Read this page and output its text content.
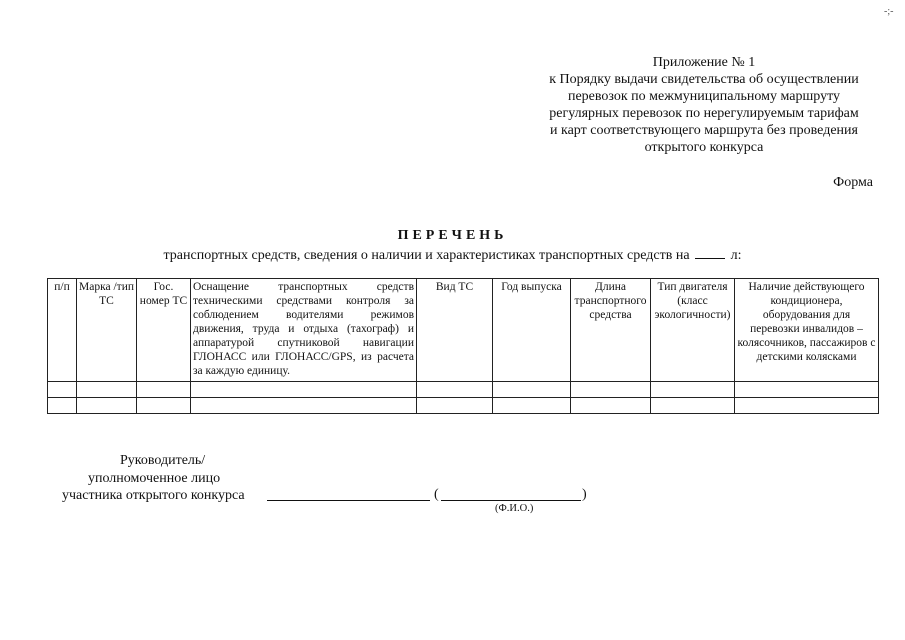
-;-
Приложение № 1
к Порядку выдачи свидетельства об осуществлении
перевозок по межмуниципальному маршруту
регулярных перевозок по нерегулируемым тарифам
и карт соответствующего маршрута без проведения
открытого конкурса
Форма
ПЕРЕЧЕНЬ
транспортных средств, сведения о наличии и характеристиках транспортных средств на	л:
п/п	Марка /тип ТС	Гос. номер ТС	Оснащение транспортных средств техническими средствами контроля за соблюдением водителями режимов движения, труда и отдыха (тахограф) и аппаратурой спутниковой навигации ГЛОНАСС или ГЛОНАСС/GPS, из расчета за каждую единицу.	Вид ТС	Год выпуска	Длина транспортного средства	Тип двигателя (класс экологичности)	Наличие действующего кондиционера, оборудования для перевозки инвалидов – колясочников, пассажиров с детскими колясками

Руководитель/
уполномоченное лицо
участника открытого конкурса	(	)
(Ф.И.О.)
